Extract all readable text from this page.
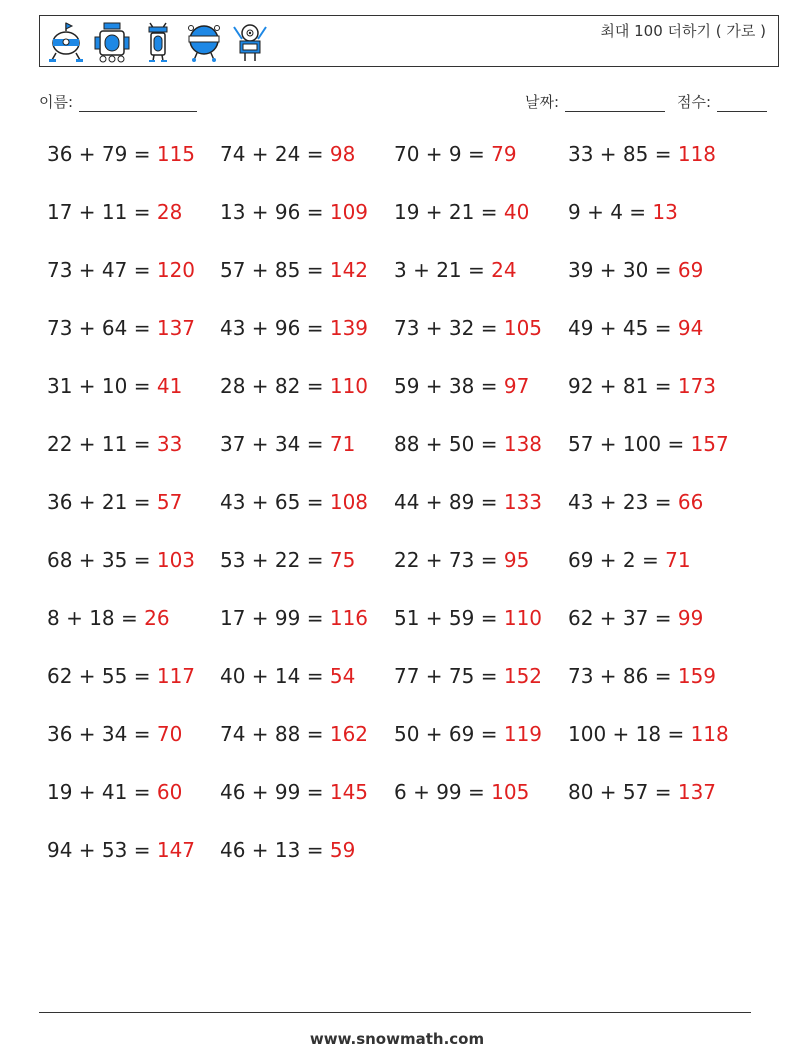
최대 100 더하기 ( 가로 )
이름:	날짜:	점수:
36 + 79 = 115 74 + 24 = 98 70 + 9 = 79	33 + 85 = 118
17 + 11 = 28 13 + 96 = 109 19 + 21 = 40 9 + 4 = 13
73 + 47 = 120 57 + 85 = 142 3 + 21 = 24	39 + 30 = 69
73 + 64 = 137 43 + 96 = 139 73 + 32 = 105 49 + 45 = 94
31 + 10 = 41 28 + 82 = 110 59 + 38 = 97 92 + 81 = 173
22 + 11 = 33 37 + 34 = 71 88 + 50 = 138 57 + 100 = 157
36 + 21 = 57 43 + 65 = 108 44 + 89 = 133 43 + 23 = 66
68 + 35 = 103 53 + 22 = 75 22 + 73 = 95 69 + 2 = 71
8 + 18 = 26	17 + 99 = 116 51 + 59 = 110 62 + 37 = 99
62 + 55 = 117 40 + 14 = 54 77 + 75 = 152 73 + 86 = 159
36 + 34 = 70 74 + 88 = 162 50 + 69 = 119 100 + 18 = 118
19 + 41 = 60 46 + 99 = 145 6 + 99 = 105 80 + 57 = 137
94 + 53 = 147 46 + 13 = 59
www.snowmath.com
